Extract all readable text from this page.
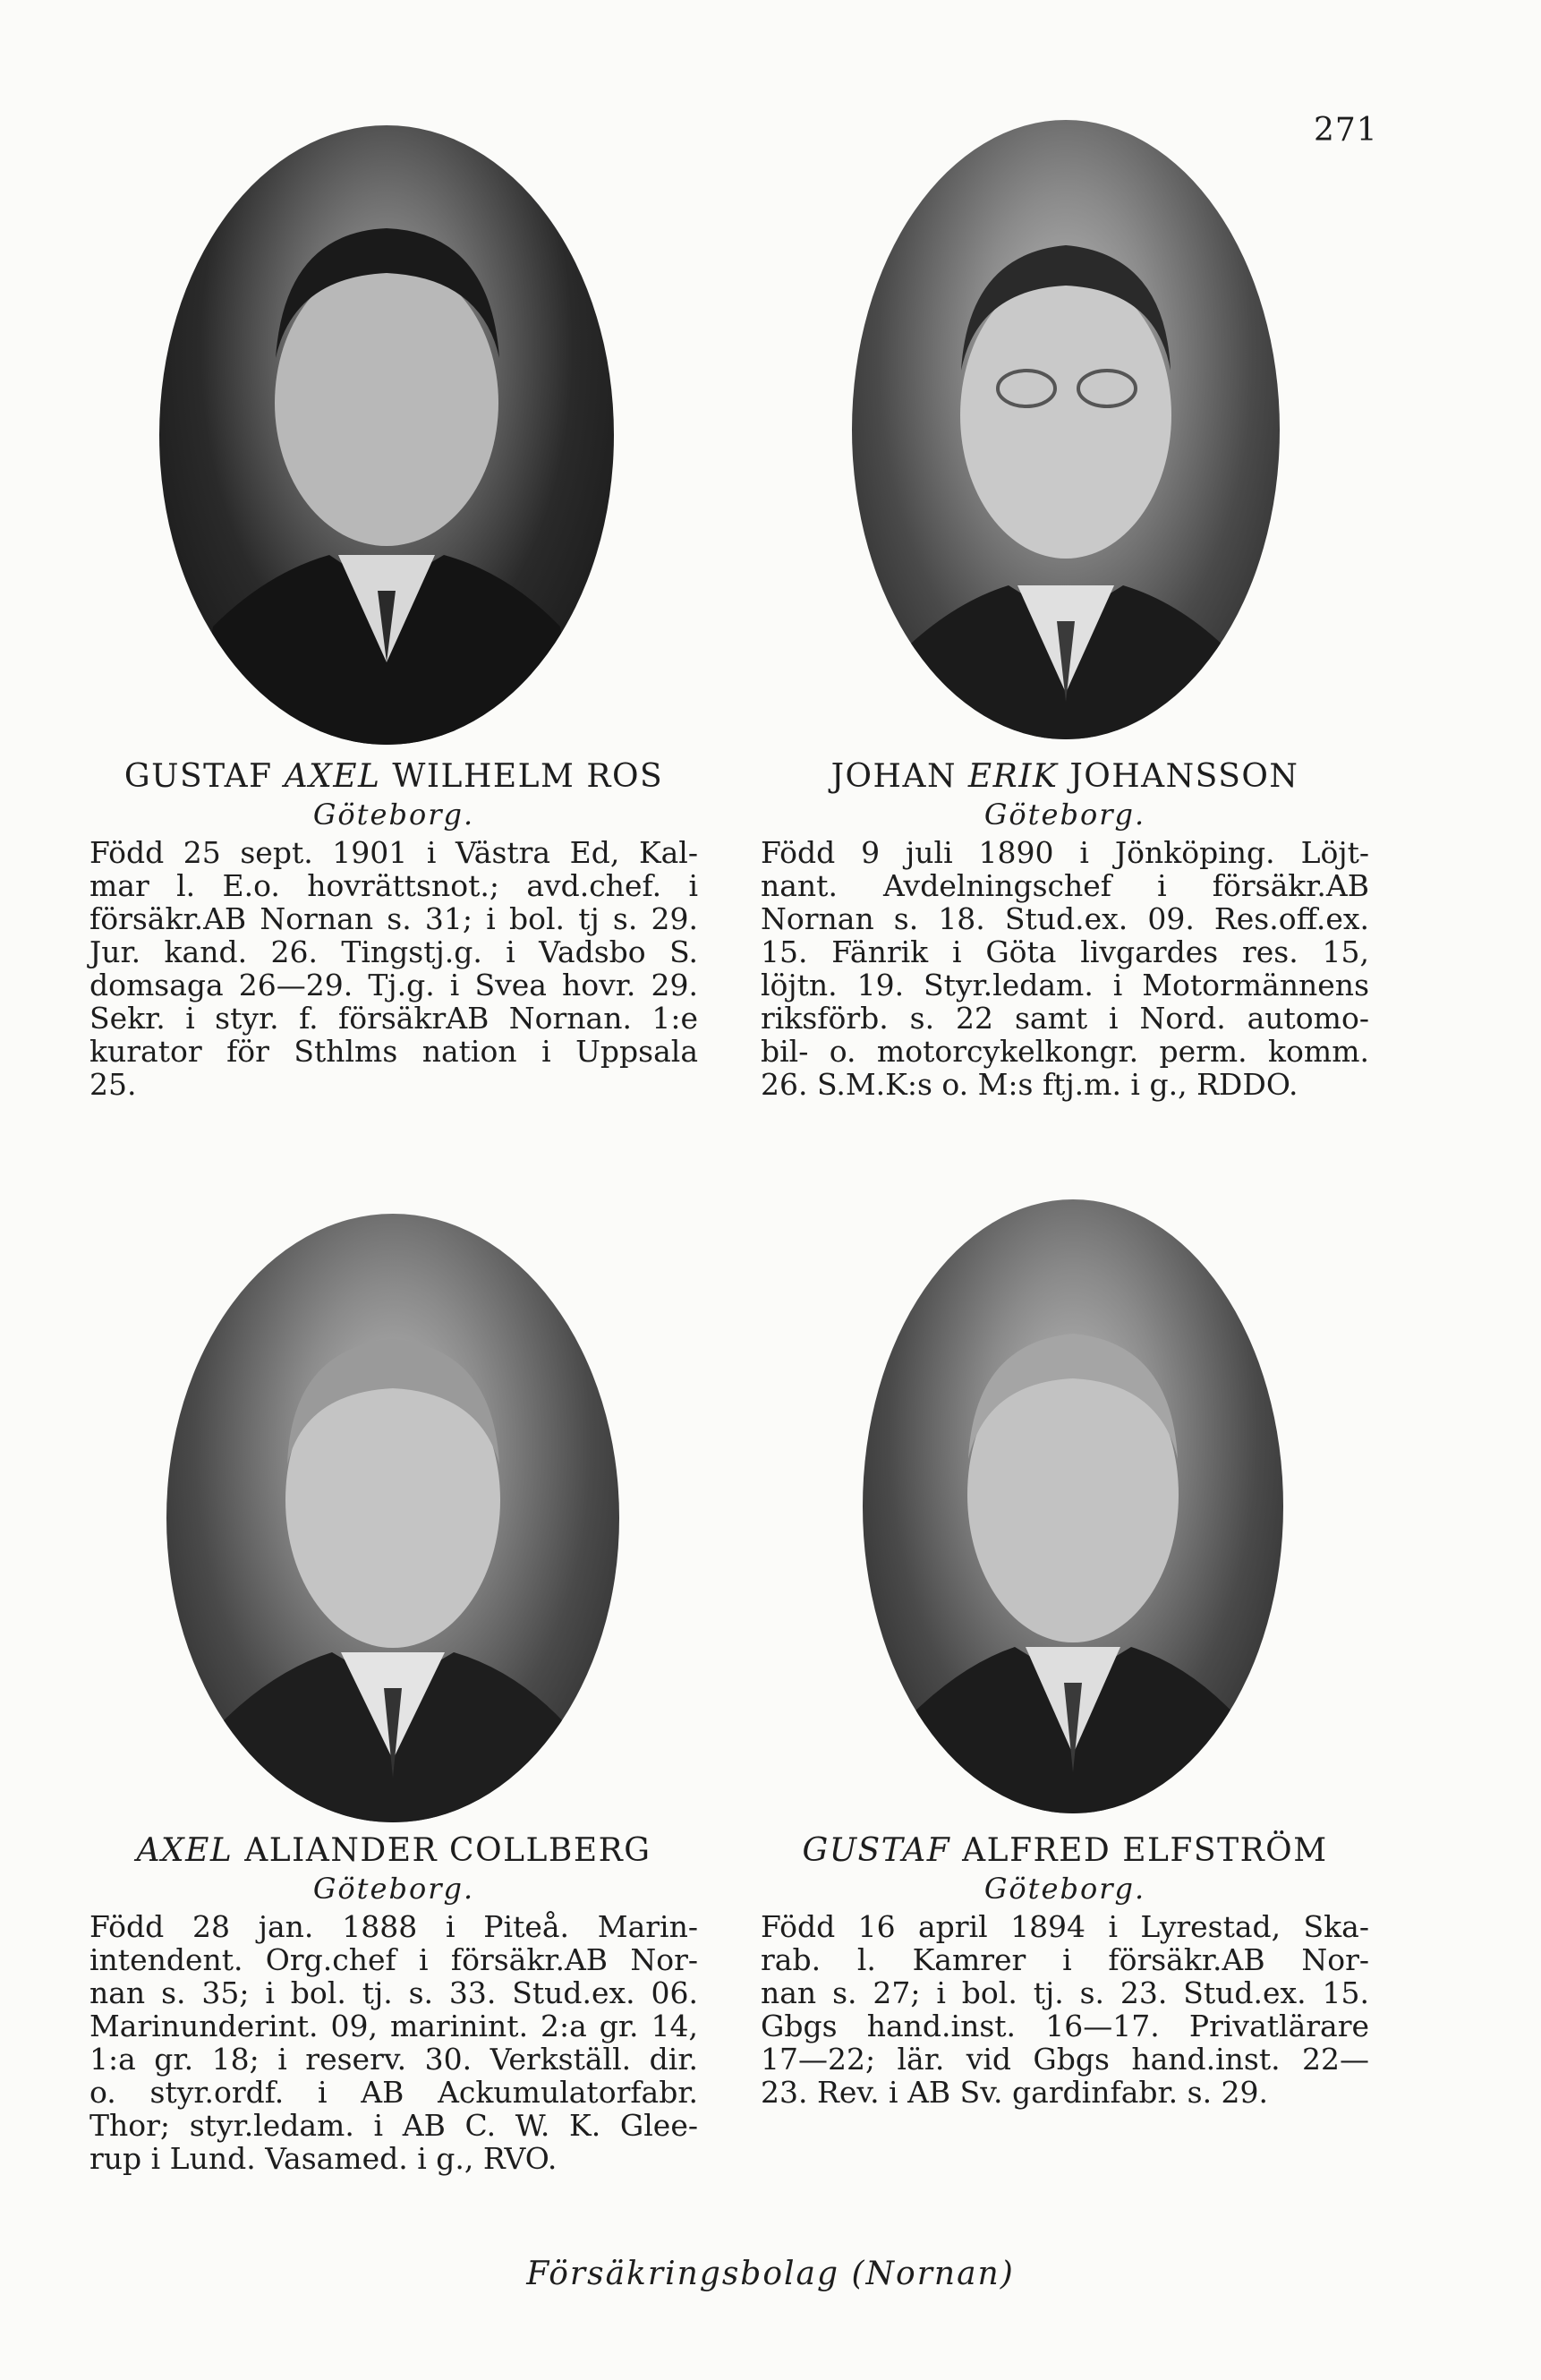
271
GUSTAF AXEL WILHELM ROS
Göteborg.
Född 25 sept. 1901 i Västra Ed, Kal-
mar l. E.o. hovrättsnot.; avd.chef. i
försäkr.AB Nornan s. 31; i bol. tj s. 29.
Jur. kand. 26. Tingstj.g. i Vadsbo S.
domsaga 26—29. Tj.g. i Svea hovr. 29.
Sekr. i styr. f. försäkrAB Nornan. 1:e
kurator för Sthlms nation i Uppsala
25.
JOHAN ERIK JOHANSSON
Göteborg.
Född 9 juli 1890 i Jönköping. Löjt-
nant. Avdelningschef i försäkr.AB
Nornan s. 18. Stud.ex. 09. Res.off.ex.
15. Fänrik i Göta livgardes res. 15,
löjtn. 19. Styr.ledam. i Motormännens
riksförb. s. 22 samt i Nord. automo-
bil- o. motorcykelkongr. perm. komm.
26. S.M.K:s o. M:s ftj.m. i g., RDDO.
AXEL ALIANDER COLLBERG
Göteborg.
Född 28 jan. 1888 i Piteå. Marin-
intendent. Org.chef i försäkr.AB Nor-
nan s. 35; i bol. tj. s. 33. Stud.ex. 06.
Marinunderint. 09, marinint. 2:a gr. 14,
1:a gr. 18; i reserv. 30. Verkställ. dir.
o. styr.ordf. i AB Ackumulatorfabr.
Thor; styr.ledam. i AB C. W. K. Glee-
rup i Lund. Vasamed. i g., RVO.
GUSTAF ALFRED ELFSTRÖM
Göteborg.
Född 16 april 1894 i Lyrestad, Ska-
rab. l. Kamrer i försäkr.AB Nor-
nan s. 27; i bol. tj. s. 23. Stud.ex. 15.
Gbgs hand.inst. 16—17. Privatlärare
17—22; lär. vid Gbgs hand.inst. 22—
23. Rev. i AB Sv. gardinfabr. s. 29.
Försäkringsbolag (Nornan)
